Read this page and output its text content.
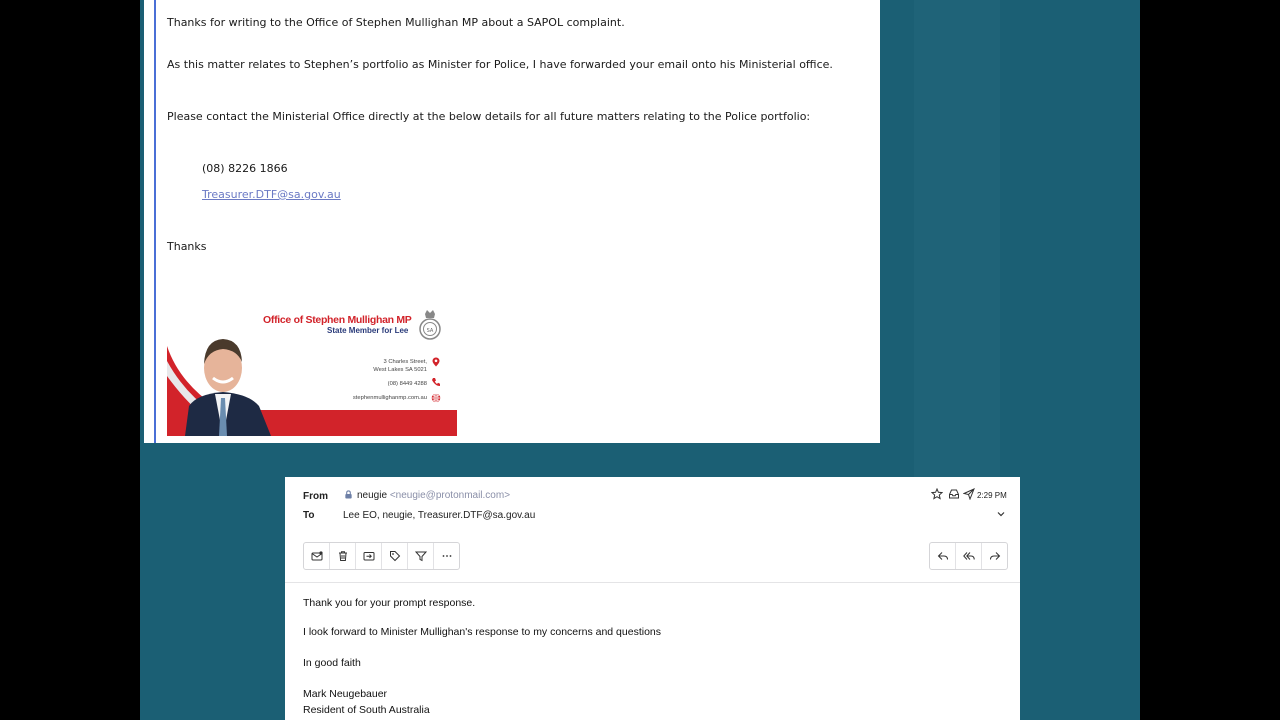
Thanks for writing to the Office of Stephen Mullighan MP about a SAPOL complaint.
As this matter relates to Stephen’s portfolio as Minister for Police, I have forwarded your email onto his Ministerial office.
Please contact the Ministerial Office directly at the below details for all future matters relating to the Police portfolio:
(08) 8226 1866
Treasurer.DTF@sa.gov.au
Thanks
Office of Stephen Mullighan MP
State Member for Lee	SA
3 Charles Street,
West Lakes SA 5021
(08) 8449 4288
stephenmullighanmp.com.au
From	neugie <neugie@protonmail.com>
To	Lee EO, neugie, Treasurer.DTF@sa.gov.au
2:29 PM
Thank you for your prompt response.
I look forward to Minister Mullighan's response to my concerns and questions
In good faith
Mark Neugebauer
Resident of South Australia
